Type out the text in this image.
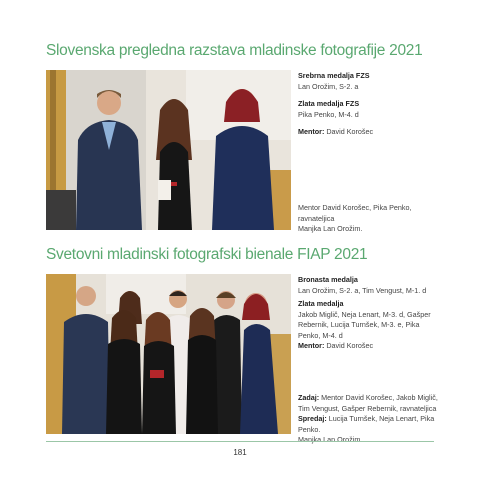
Slovenska pregledna razstava mladinske fotografije 2021
Srebrna medalja FZS
Lan Orožim, S-2. a
Zlata medalja FZS
Pika Penko, M-4. d
Mentor: David Korošec
Mentor David Korošec, Pika Penko,
ravnateljica
Manjka Lan Orožim.
Svetovni mladinski fotografski bienale FIAP 2021
Bronasta medalja
Lan Orožim, S-2. a, Tim Vengust, M-1. d
Zlata medalja
Jakob Miglič, Neja Lenart, M-3. d, Gašper Rebernik, Lucija Turnšek, M-3. e, Pika Penko, M-4. d
Mentor: David Korošec
Zadaj: Mentor David Korošec, Jakob Miglič, Tim Vengust, Gašper Rebernik, ravnateljica
Spredaj: Lucija Turnšek, Neja Lenart, Pika Penko.
Manjka Lan Orožim.
181
